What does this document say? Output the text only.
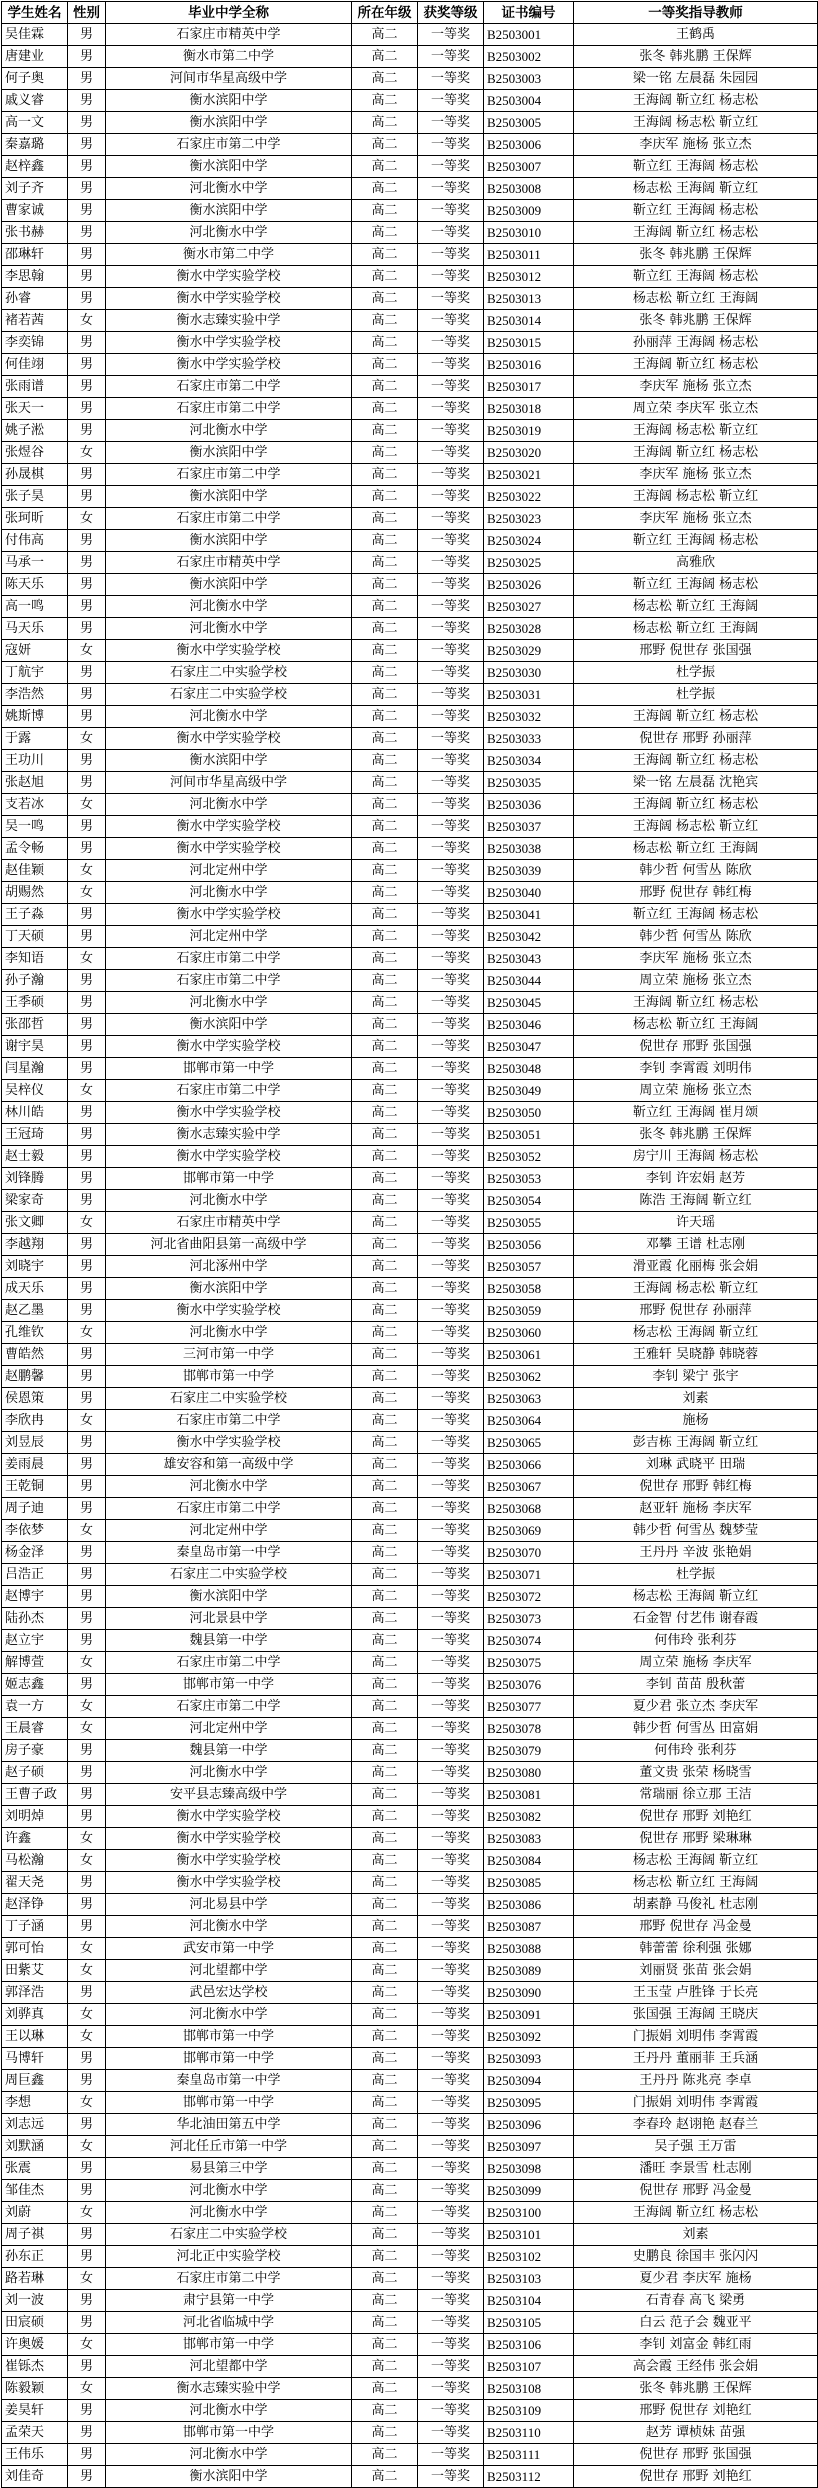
学生姓名	性别	毕业中学全称	所在年级	获奖等级	证书编号	一等奖指导教师
吴佳霖	男	石家庄市精英中学	高二	一等奖	B2503001	王鹤禹
唐建业	男	衡水市第二中学	高二	一等奖	B2503002	张冬 韩兆鹏 王保辉
何子奥	男	河间市华星高级中学	高二	一等奖	B2503003	梁一铭 左晨磊 朱园园
戚义睿	男	衡水滨阳中学	高二	一等奖	B2503004	王海阔 靳立红 杨志松
高一文	男	衡水滨阳中学	高二	一等奖	B2503005	王海阔 杨志松 靳立红
秦嘉璐	男	石家庄市第二中学	高二	一等奖	B2503006	李庆军 施杨 张立杰
赵梓鑫	男	衡水滨阳中学	高二	一等奖	B2503007	靳立红 王海阔 杨志松
刘子齐	男	河北衡水中学	高二	一等奖	B2503008	杨志松 王海阔 靳立红
曹家诚	男	衡水滨阳中学	高二	一等奖	B2503009	靳立红 王海阔 杨志松
张书赫	男	河北衡水中学	高二	一等奖	B2503010	王海阔 靳立红 杨志松
邵琳轩	男	衡水市第二中学	高二	一等奖	B2503011	张冬 韩兆鹏 王保辉
李思翰	男	衡水中学实验学校	高二	一等奖	B2503012	靳立红 王海阔 杨志松
孙睿	男	衡水中学实验学校	高二	一等奖	B2503013	杨志松 靳立红 王海阔
褚若茜	女	衡水志臻实验中学	高二	一等奖	B2503014	张冬 韩兆鹏 王保辉
李奕锦	男	衡水中学实验学校	高二	一等奖	B2503015	孙丽萍 王海阔 杨志松
何佳翊	男	衡水中学实验学校	高二	一等奖	B2503016	王海阔 靳立红 杨志松
张雨谱	男	石家庄市第二中学	高二	一等奖	B2503017	李庆军 施杨 张立杰
张天一	男	石家庄市第二中学	高二	一等奖	B2503018	周立荣 李庆军 张立杰
姚子淞	男	河北衡水中学	高二	一等奖	B2503019	王海阔 杨志松 靳立红
张煜谷	女	衡水滨阳中学	高二	一等奖	B2503020	王海阔 靳立红 杨志松
孙晟棋	男	石家庄市第二中学	高二	一等奖	B2503021	李庆军 施杨 张立杰
张子昊	男	衡水滨阳中学	高二	一等奖	B2503022	王海阔 杨志松 靳立红
张珂昕	女	石家庄市第二中学	高二	一等奖	B2503023	李庆军 施杨 张立杰
付伟高	男	衡水滨阳中学	高二	一等奖	B2503024	靳立红 王海阔 杨志松
马承一	男	石家庄市精英中学	高二	一等奖	B2503025	高雅欣
陈天乐	男	衡水滨阳中学	高二	一等奖	B2503026	靳立红 王海阔 杨志松
高一鸣	男	河北衡水中学	高二	一等奖	B2503027	杨志松 靳立红 王海阔
马天乐	男	河北衡水中学	高二	一等奖	B2503028	杨志松 靳立红 王海阔
寇妍	女	衡水中学实验学校	高二	一等奖	B2503029	邢野 倪世存 张国强
丁航宇	男	石家庄二中实验学校	高二	一等奖	B2503030	杜学振
李浩然	男	石家庄二中实验学校	高二	一等奖	B2503031	杜学振
姚斯博	男	河北衡水中学	高二	一等奖	B2503032	王海阔 靳立红 杨志松
于露	女	衡水中学实验学校	高二	一等奖	B2503033	倪世存 邢野 孙丽萍
王功川	男	衡水滨阳中学	高二	一等奖	B2503034	王海阔 靳立红 杨志松
张赵旭	男	河间市华星高级中学	高二	一等奖	B2503035	梁一铭 左晨磊 沈艳宾
支若冰	女	河北衡水中学	高二	一等奖	B2503036	王海阔 靳立红 杨志松
吴一鸣	男	衡水中学实验学校	高二	一等奖	B2503037	王海阔 杨志松 靳立红
孟令畅	男	衡水中学实验学校	高二	一等奖	B2503038	杨志松 靳立红 王海阔
赵佳颖	女	河北定州中学	高二	一等奖	B2503039	韩少哲 何雪丛 陈欣
胡赐然	女	河北衡水中学	高二	一等奖	B2503040	邢野 倪世存 韩红梅
王子淼	男	衡水中学实验学校	高二	一等奖	B2503041	靳立红 王海阔 杨志松
丁天硕	男	河北定州中学	高二	一等奖	B2503042	韩少哲 何雪丛 陈欣
李知语	女	石家庄市第二中学	高二	一等奖	B2503043	李庆军 施杨 张立杰
孙子瀚	男	石家庄市第二中学	高二	一等奖	B2503044	周立荣 施杨 张立杰
王季硕	男	河北衡水中学	高二	一等奖	B2503045	王海阔 靳立红 杨志松
张邵哲	男	衡水滨阳中学	高二	一等奖	B2503046	杨志松 靳立红 王海阔
谢宇昊	男	衡水中学实验学校	高二	一等奖	B2503047	倪世存 邢野 张国强
闫星瀚	男	邯郸市第一中学	高二	一等奖	B2503048	李钊 李霄霞 刘明伟
吴梓仪	女	石家庄市第二中学	高二	一等奖	B2503049	周立荣 施杨 张立杰
林川皓	男	衡水中学实验学校	高二	一等奖	B2503050	靳立红 王海阔 崔月颂
王冠琦	男	衡水志臻实验中学	高二	一等奖	B2503051	张冬 韩兆鹏 王保辉
赵士毅	男	衡水中学实验学校	高二	一等奖	B2503052	房宁川 王海阔 杨志松
刘锋腾	男	邯郸市第一中学	高二	一等奖	B2503053	李钊 许宏娟 赵芳
梁家奇	男	河北衡水中学	高二	一等奖	B2503054	陈浩 王海阔 靳立红
张文卿	女	石家庄市精英中学	高二	一等奖	B2503055	许天瑶
李越翔	男	河北省曲阳县第一高级中学	高二	一等奖	B2503056	邓攀 王谱 杜志刚
刘晓宇	男	河北涿州中学	高二	一等奖	B2503057	滑亚霞 化丽梅 张会娟
成天乐	男	衡水滨阳中学	高二	一等奖	B2503058	王海阔 杨志松 靳立红
赵乙墨	男	衡水中学实验学校	高二	一等奖	B2503059	邢野 倪世存 孙丽萍
孔维钦	女	河北衡水中学	高二	一等奖	B2503060	杨志松 王海阔 靳立红
曹皓然	男	三河市第一中学	高二	一等奖	B2503061	王雅轩 吴晓静 韩晓蓉
赵鹏馨	男	邯郸市第一中学	高二	一等奖	B2503062	李钊 梁宁 张宇
侯恩策	男	石家庄二中实验学校	高二	一等奖	B2503063	刘素
李欣冉	女	石家庄市第二中学	高二	一等奖	B2503064	施杨
刘昱辰	男	衡水中学实验学校	高二	一等奖	B2503065	彭吉栋 王海阔 靳立红
姜雨晨	男	雄安容和第一高级中学	高二	一等奖	B2503066	刘琳 武晓平 田瑞
王乾铜	男	河北衡水中学	高二	一等奖	B2503067	倪世存 邢野 韩红梅
周子迪	男	石家庄市第二中学	高二	一等奖	B2503068	赵亚轩 施杨 李庆军
李依梦	女	河北定州中学	高二	一等奖	B2503069	韩少哲 何雪丛 魏梦莹
杨金泽	男	秦皇岛市第一中学	高二	一等奖	B2503070	王丹丹 辛波 张艳娟
吕浩正	男	石家庄二中实验学校	高二	一等奖	B2503071	杜学振
赵博宇	男	衡水滨阳中学	高二	一等奖	B2503072	杨志松 王海阔 靳立红
陆孙杰	男	河北景县中学	高二	一等奖	B2503073	石金智 付艺伟 谢春霞
赵立宇	男	魏县第一中学	高二	一等奖	B2503074	何伟玲 张利芬
解博萱	女	石家庄市第二中学	高二	一等奖	B2503075	周立荣 施杨 李庆军
姬志鑫	男	邯郸市第一中学	高二	一等奖	B2503076	李钊 苗苗 殷秋蕾
袁一方	女	石家庄市第二中学	高二	一等奖	B2503077	夏少君 张立杰 李庆军
王晨睿	女	河北定州中学	高二	一等奖	B2503078	韩少哲 何雪丛 田富娟
房子豪	男	魏县第一中学	高二	一等奖	B2503079	何伟玲 张利芬
赵子硕	男	河北衡水中学	高二	一等奖	B2503080	董文贵 张荣 杨晓雪
王曹子政	男	安平县志臻高级中学	高二	一等奖	B2503081	常瑞丽 徐立那 王洁
刘明焯	男	衡水中学实验学校	高二	一等奖	B2503082	倪世存 邢野 刘艳红
许鑫	女	衡水中学实验学校	高二	一等奖	B2503083	倪世存 邢野 梁琳琳
马松瀚	女	衡水中学实验学校	高二	一等奖	B2503084	杨志松 王海阔 靳立红
翟天尧	男	衡水中学实验学校	高二	一等奖	B2503085	杨志松 靳立红 王海阔
赵泽铮	男	河北易县中学	高二	一等奖	B2503086	胡素静 马俊礼 杜志刚
丁子涵	男	河北衡水中学	高二	一等奖	B2503087	邢野 倪世存 冯金曼
郭可怡	女	武安市第一中学	高二	一等奖	B2503088	韩蕾蕾 徐利强 张娜
田紫艾	女	河北望都中学	高二	一等奖	B2503089	刘丽贤 张苗 张会娟
郭泽浩	男	武邑宏达学校	高二	一等奖	B2503090	王玉莹 卢胜锋 于长亮
刘骅真	女	河北衡水中学	高二	一等奖	B2503091	张国强 王海阔 王晓庆
王以琳	女	邯郸市第一中学	高二	一等奖	B2503092	门振娟 刘明伟 李霄霞
马博轩	男	邯郸市第一中学	高二	一等奖	B2503093	王丹丹 董丽菲 王兵涵
周巨鑫	男	秦皇岛市第一中学	高二	一等奖	B2503094	王丹丹 陈兆亮 李卓
李想	女	邯郸市第一中学	高二	一等奖	B2503095	门振娟 刘明伟 李霄霞
刘志远	男	华北油田第五中学	高二	一等奖	B2503096	李春玲 赵诩艳 赵春兰
刘默涵	女	河北任丘市第一中学	高二	一等奖	B2503097	吴子强 王万雷
张震	男	易县第三中学	高二	一等奖	B2503098	潘旺 李景雪 杜志刚
邹佳杰	男	河北衡水中学	高二	一等奖	B2503099	倪世存 邢野 冯金曼
刘蔚	女	河北衡水中学	高二	一等奖	B2503100	王海阔 靳立红 杨志松
周子祺	男	石家庄二中实验学校	高二	一等奖	B2503101	刘素
孙东正	男	河北正中实验学校	高二	一等奖	B2503102	史鹏良 徐国丰 张闪闪
路若琳	女	石家庄市第二中学	高二	一等奖	B2503103	夏少君 李庆军 施杨
刘一波	男	肃宁县第一中学	高二	一等奖	B2503104	石青春 高飞 梁勇
田宸硕	男	河北省临城中学	高二	一等奖	B2503105	白云 范子会 魏亚平
许奥媛	女	邯郸市第一中学	高二	一等奖	B2503106	李钊 刘富金 韩红雨
崔铄杰	男	河北望都中学	高二	一等奖	B2503107	高会霞 王经伟 张会娟
陈毅颖	女	衡水志臻实验中学	高二	一等奖	B2503108	张冬 韩兆鹏 王保辉
姜昊轩	男	河北衡水中学	高二	一等奖	B2503109	邢野 倪世存 刘艳红
孟荣天	男	邯郸市第一中学	高二	一等奖	B2503110	赵芳 谭桢妹 苗强
王伟乐	男	河北衡水中学	高二	一等奖	B2503111	倪世存 邢野 张国强
刘佳奇	男	衡水滨阳中学	高二	一等奖	B2503112	倪世存 邢野 刘艳红
